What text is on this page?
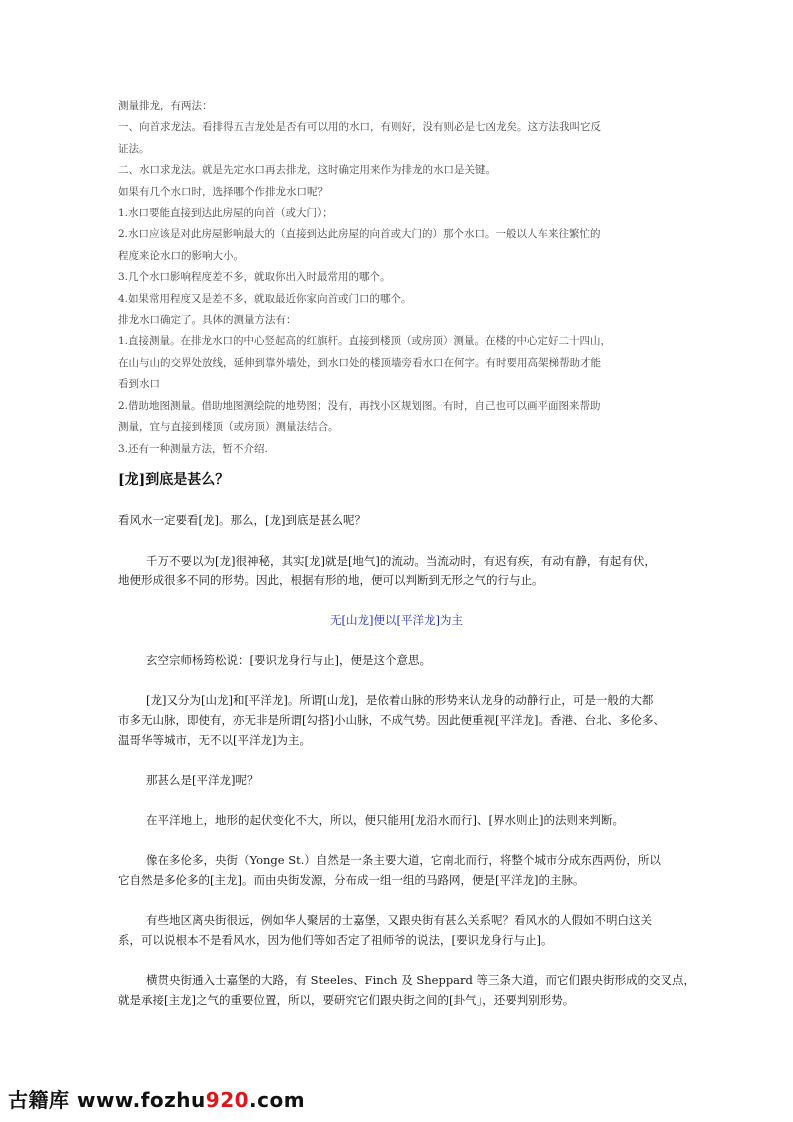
测量排龙，有两法：
一、向首求龙法。看排得五吉龙处是否有可以用的水口，有则好，没有则必是七凶龙矣。这方法我叫它反
证法。
二、水口求龙法。就是先定水口再去排龙，这时确定用来作为排龙的水口是关键。
如果有几个水口时，选择哪个作排龙水口呢？
1.水口要能直接到达此房屋的向首（或大门）；
2.水口应该是对此房屋影响最大的（直接到达此房屋的向首或大门的）那个水口。一般以人车来往繁忙的
程度来论水口的影响大小。
3.几个水口影响程度差不多，就取你出入时最常用的哪个。
4.如果常用程度又是差不多，就取最近你家向首或门口的哪个。
排龙水口确定了。具体的测量方法有：
1.直接测量。在排龙水口的中心竖起高的红旗杆。直接到楼顶（或房顶）测量。在楼的中心定好二十四山，
在山与山的交界处放线，延伸到靠外墙处，到水口处的楼顶墙旁看水口在何字。有时要用高架梯帮助才能
看到水口
2.借助地图测量。借助地图测绘院的地势图；没有，再找小区规划图。有时，自己也可以画平面图来帮助
测量，宜与直接到楼顶（或房顶）测量法结合。
3.还有一种测量方法，暂不介绍.
[龙]到底是甚么？
看风水一定要看[龙]。那么，[龙]到底是甚么呢？
千万不要以为[龙]很神秘，其实[龙]就是[地气]的流动。当流动时，有迟有疾，有动有静，有起有伏，
地便形成很多不同的形势。因此，根据有形的地，便可以判断到无形之气的行与止。
无[山龙]便以[平洋龙]为主
玄空宗师杨筠松说：[要识龙身行与止]，便是这个意思。
[龙]又分为[山龙]和[平洋龙]。所谓[山龙]，是依着山脉的形势来认龙身的动静行止，可是一般的大都
市多无山脉，即使有，亦无非是所谓[勾搭]小山脉，不成气势。因此便重视[平洋龙]。香港、台北、多伦多、
温哥华等城市，无不以[平洋龙]为主。
那甚么是[平洋龙]呢？
在平洋地上，地形的起伏变化不大，所以，便只能用[龙沿水而行]、[界水则止]的法则来判断。
像在多伦多，央街（Yonge St.）自然是一条主要大道，它南北而行，将整个城市分成东西两份，所以
它自然是多伦多的[主龙]。而由央街发源，分布成一组一组的马路网，便是[平洋龙]的主脉。
有些地区离央街很远，例如华人聚居的士嘉堡，又跟央街有甚么关系呢？看风水的人假如不明白这关
系，可以说根本不是看风水，因为他们等如否定了祖师爷的说法，[要识龙身行与止]。
横贯央街通入士嘉堡的大路，有 Steeles、Finch 及 Sheppard 等三条大道，而它们跟央街形成的交叉点，
就是承接[主龙]之气的重要位置，所以，要研究它们跟央街之间的[卦气」，还要判别形势。
古籍库 www.fozhu920.com
